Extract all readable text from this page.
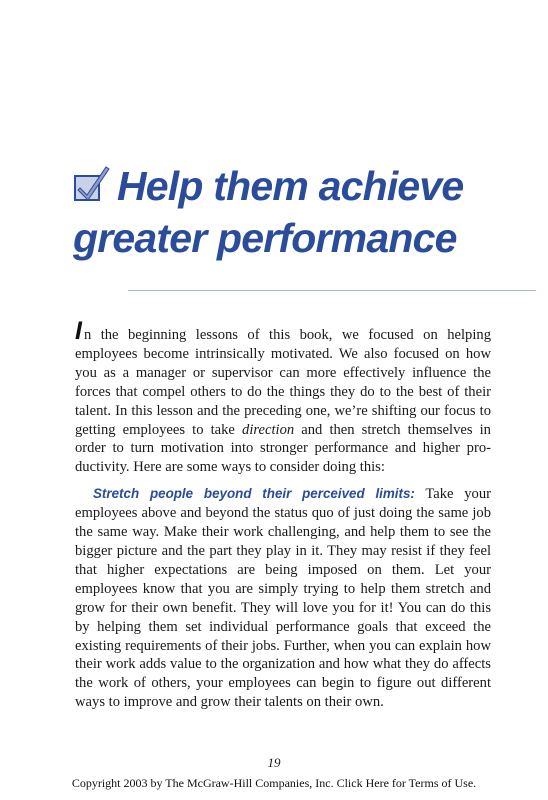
Help them achieve
greater performance

In the beginning lessons of this book, we focused on helping employees become intrinsically motivated. We also focused on how you as a manager or supervisor can more effectively influence the forces that compel others to do the things they do to the best of their talent. In this lesson and the preceding one, we’re shifting our focus to getting employees to take direction and then stretch themselves in order to turn motivation into stronger performance and higher productivity. Here are some ways to consider doing this:

Stretch people beyond their perceived limits: Take your employees above and beyond the status quo of just doing the same job the same way. Make their work challenging, and help them to see the bigger picture and the part they play in it. They may resist if they feel that higher expectations are being imposed on them. Let your employees know that you are simply trying to help them stretch and grow for their own benefit. They will love you for it! You can do this by helping them set individual performance goals that exceed the existing requirements of their jobs. Further, when you can explain how their work adds value to the organization and how what they do affects the work of others, your employees can begin to figure out different ways to improve and grow their talents on their own.

19
Copyright 2003 by The McGraw-Hill Companies, Inc. Click Here for Terms of Use.
